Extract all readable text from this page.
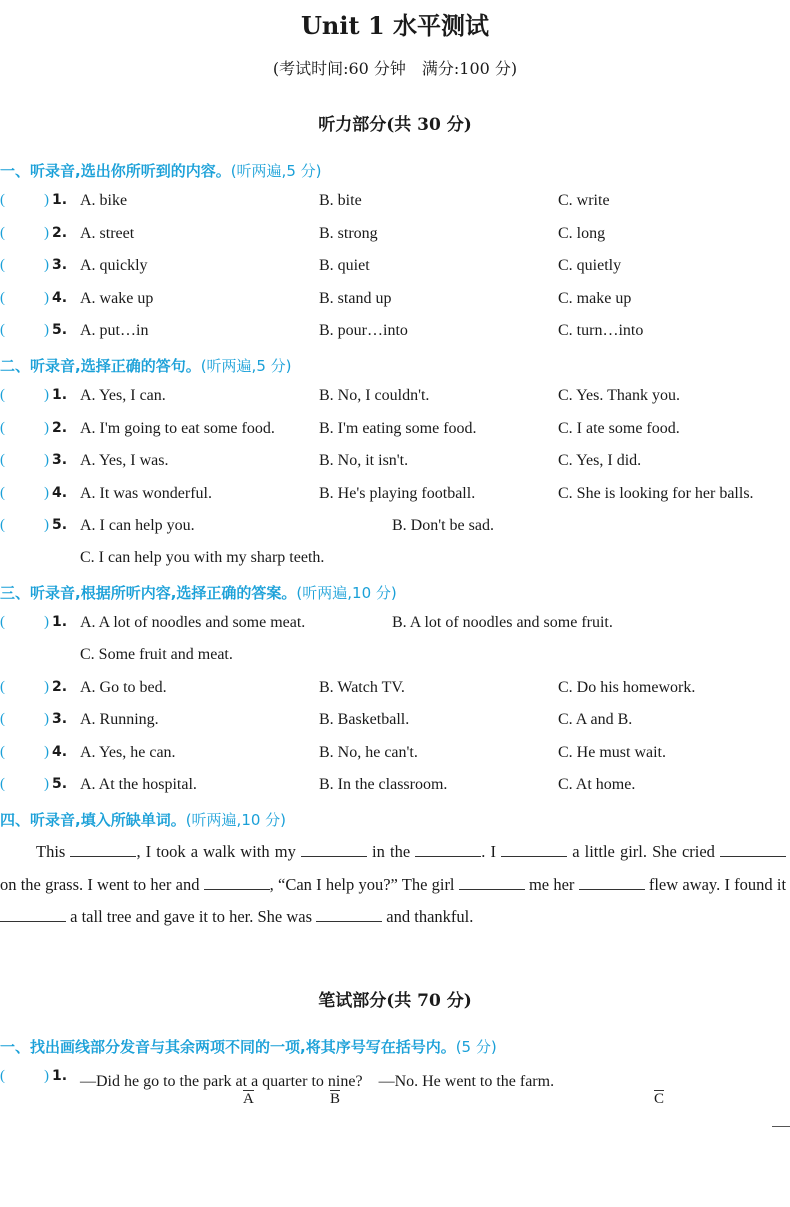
Unit 1 水平测试
(考试时间:60 分钟　满分:100 分)
听力部分(共 30 分)
一、听录音,选出你所听到的内容。(听两遍,5 分)
二、听录音,选择正确的答句。(听两遍,5 分)
三、听录音,根据所听内容,选择正确的答案。(听两遍,10 分)
四、听录音,填入所缺单词。(听两遍,10 分)
This	, I took a walk with my	in the	. I	a little girl. She cried  on the grass. I went to her and	, “Can I help you?” The girl	me her	flew away. I found it  a tall tree and gave it to her. She was	and thankful.
笔试部分(共 70 分)
一、找出画线部分发音与其余两项不同的一项,将其序号写在括号内。(5 分)
(	) 1. —Did he go to the park at a quarter to nine?　—No. He went to the farm.
A	B	C
(	) 1. A. bike	B. bite	C. write
(	) 2. A. street	B. strong	C. long
(	) 3. A. quickly	B. quiet	C. quietly
(	) 4. A. wake up	B. stand up	C. make up
(	) 5. A. put…in	B. pour…into	C. turn…into
(	) 1. A. Yes, I can.	B. No, I couldn't.	C. Yes. Thank you.
(	) 2. A. I'm going to eat some food.	B. I'm eating some food.	C. I ate some food.
(	) 3. A. Yes, I was.	B. No, it isn't.	C. Yes, I did.
(	) 4. A. It was wonderful.	B. He's playing football.	C. She is looking for her balls.
(	) 5. A. I can help you.	B. Don't be sad.
C. I can help you with my sharp teeth.
(	) 1. A. A lot of noodles and some meat.	B. A lot of noodles and some fruit.
C. Some fruit and meat.
(	) 2. A. Go to bed.	B. Watch TV.	C. Do his homework.
(	) 3. A. Running.	B. Basketball.	C. A and B.
(	) 4. A. Yes, he can.	B. No, he can't.	C. He must wait.
(	) 5. A. At the hospital.	B. In the classroom.	C. At home.
